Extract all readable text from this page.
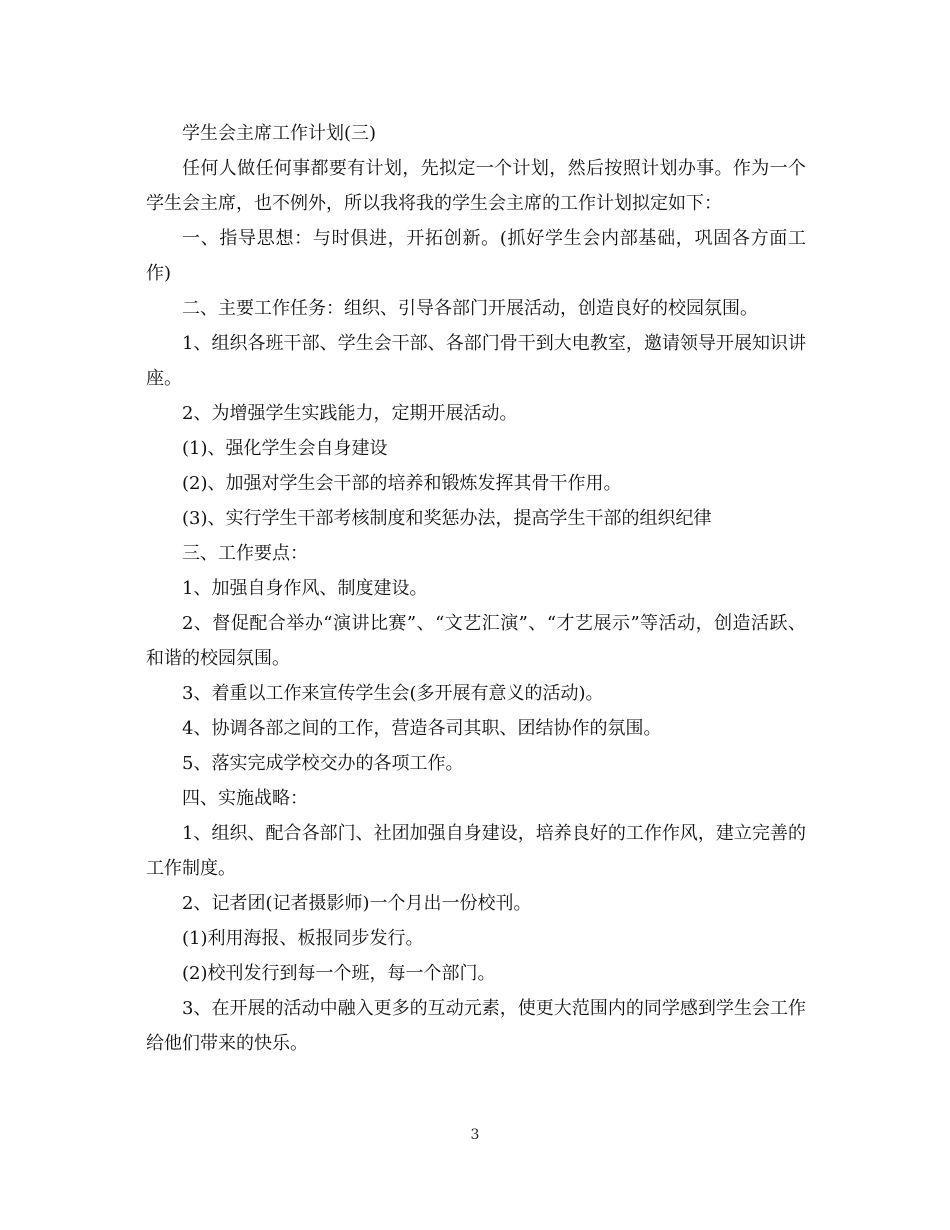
学生会主席工作计划(三)

任何人做任何事都要有计划，先拟定一个计划，然后按照计划办事。作为一个学生会主席，也不例外，所以我将我的学生会主席的工作计划拟定如下：

一、指导思想：与时俱进，开拓创新。(抓好学生会内部基础，巩固各方面工作)

二、主要工作任务：组织、引导各部门开展活动，创造良好的校园氛围。

1、组织各班干部、学生会干部、各部门骨干到大电教室，邀请领导开展知识讲座。

2、为增强学生实践能力，定期开展活动。

(1)、强化学生会自身建设

(2)、加强对学生会干部的培养和锻炼发挥其骨干作用。

(3)、实行学生干部考核制度和奖惩办法，提高学生干部的组织纪律

三、工作要点：

1、加强自身作风、制度建设。

2、督促配合举办“演讲比赛”、“文艺汇演”、“才艺展示”等活动，创造活跃、和谐的校园氛围。

3、着重以工作来宣传学生会(多开展有意义的活动)。

4、协调各部之间的工作，营造各司其职、团结协作的氛围。

5、落实完成学校交办的各项工作。

四、实施战略：

1、组织、配合各部门、社团加强自身建设，培养良好的工作作风，建立完善的工作制度。

2、记者团(记者摄影师)一个月出一份校刊。

(1)利用海报、板报同步发行。

(2)校刊发行到每一个班，每一个部门。

3、在开展的活动中融入更多的互动元素，使更大范围内的同学感到学生会工作给他们带来的快乐。

3
